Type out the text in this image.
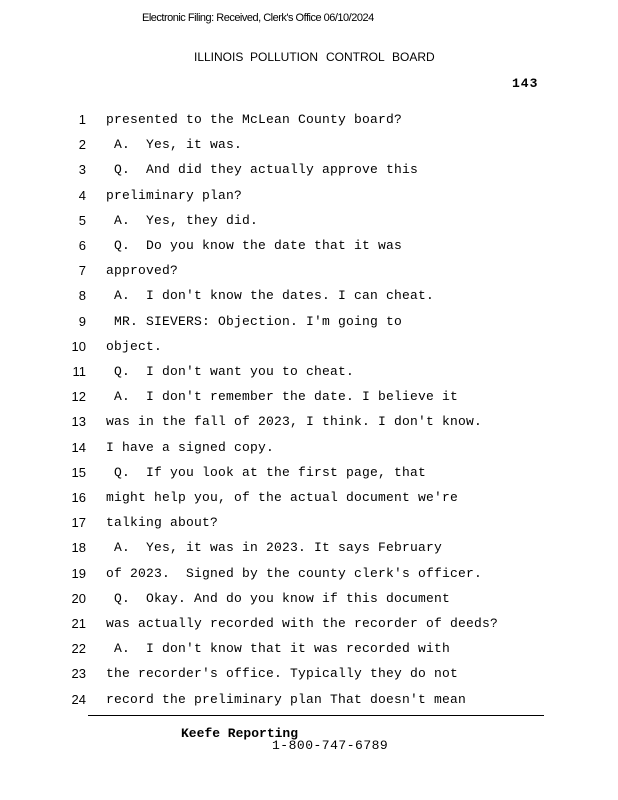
Electronic Filing: Received, Clerk's Office 06/10/2024
ILLINOIS POLLUTION CONTROL BOARD
143
1 presented to the McLean County board?
2 A.  Yes, it was.
3 Q.  And did they actually approve this
4 preliminary plan?
5 A.  Yes, they did.
6 Q.  Do you know the date that it was
7 approved?
8 A.  I don't know the dates. I can cheat.
9 MR. SIEVERS: Objection. I'm going to
10 object.
11 Q.  I don't want you to cheat.
12 A.  I don't remember the date. I believe it
13 was in the fall of 2023, I think. I don't know.
14 I have a signed copy.
15 Q.  If you look at the first page, that
16 might help you, of the actual document we're
17 talking about?
18 A.  Yes, it was in 2023. It says February
19 of 2023.  Signed by the county clerk's officer.
20 Q.  Okay. And do you know if this document
21 was actually recorded with the recorder of deeds?
22 A.  I don't know that it was recorded with
23 the recorder's office. Typically they do not
24 record the preliminary plan That doesn't mean
Keefe Reporting
1-800-747-6789
